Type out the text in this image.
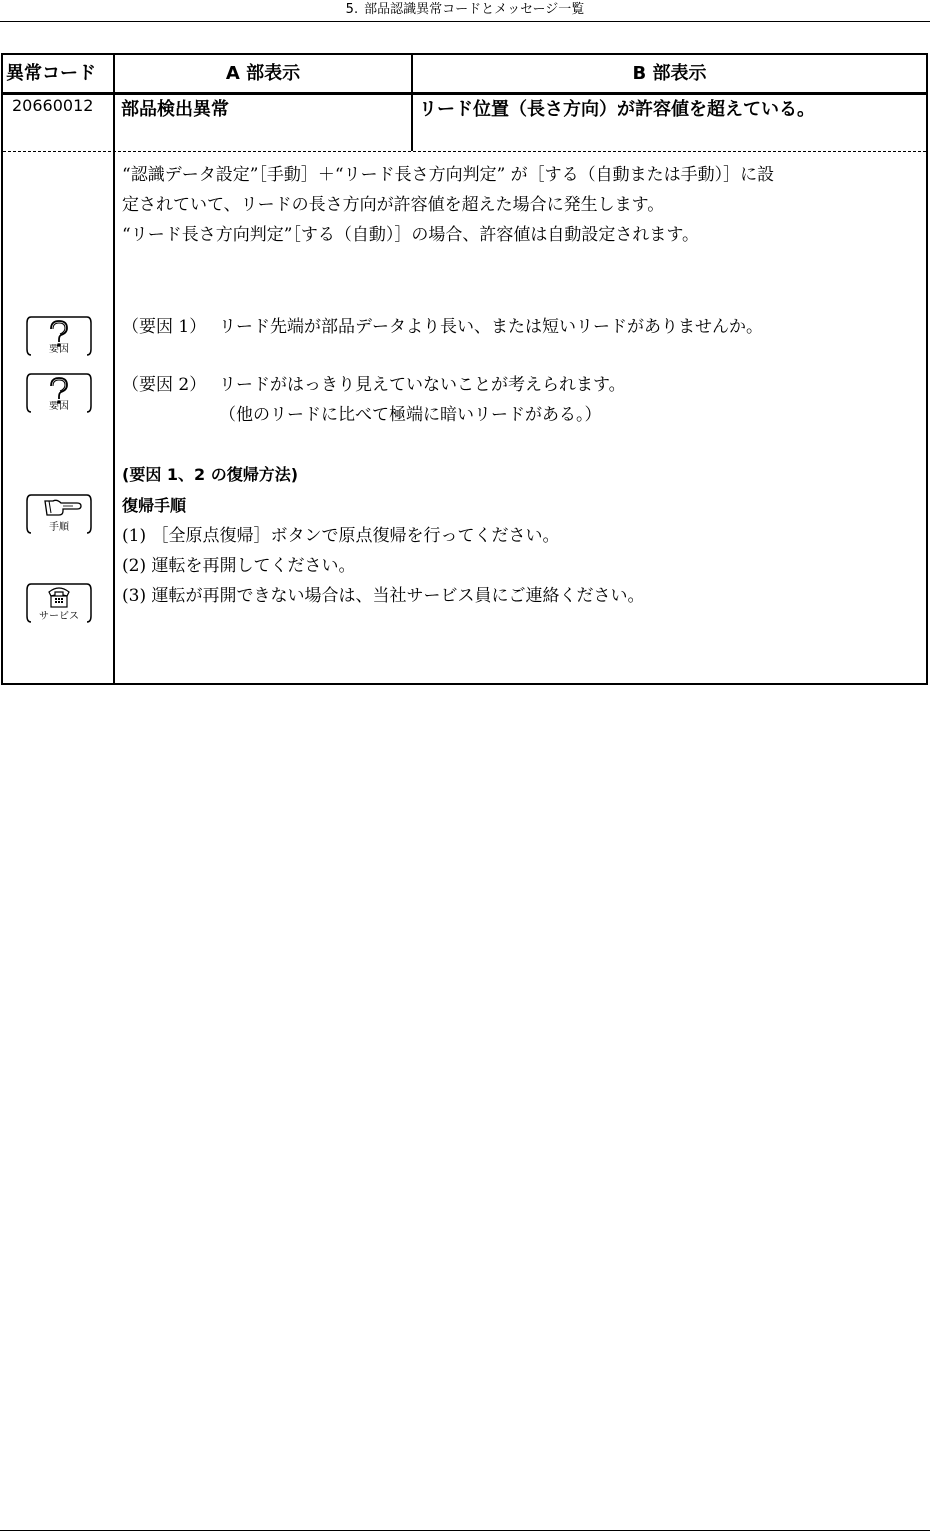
5. 部品認識異常コードとメッセージ一覧
異常コード	A 部表示	B 部表示
20660012 部品検出異常	リード位置（長さ方向）が許容値を超えている。
“認識データ設定”［手動］＋“リード長さ方向判定” が［する（自動または手動）］に設
定されていて、リードの長さ方向が許容値を超えた場合に発生します。
“リード長さ方向判定”［する（自動）］の場合、許容値は自動設定されます。
要因
（要因 1） リード先端が部品データより長い、または短いリードがありませんか。
要因
（要因 2） リードがはっきり見えていないことが考えられます。
（他のリードに比べて極端に暗いリードがある。）
(要因 1、2 の復帰方法)
復帰手順
手順	(1) ［全原点復帰］ボタンで原点復帰を行ってください。
(2) 運転を再開してください。
(3) 運転が再開できない場合は、当社サービス員にご連絡ください。
サービス
